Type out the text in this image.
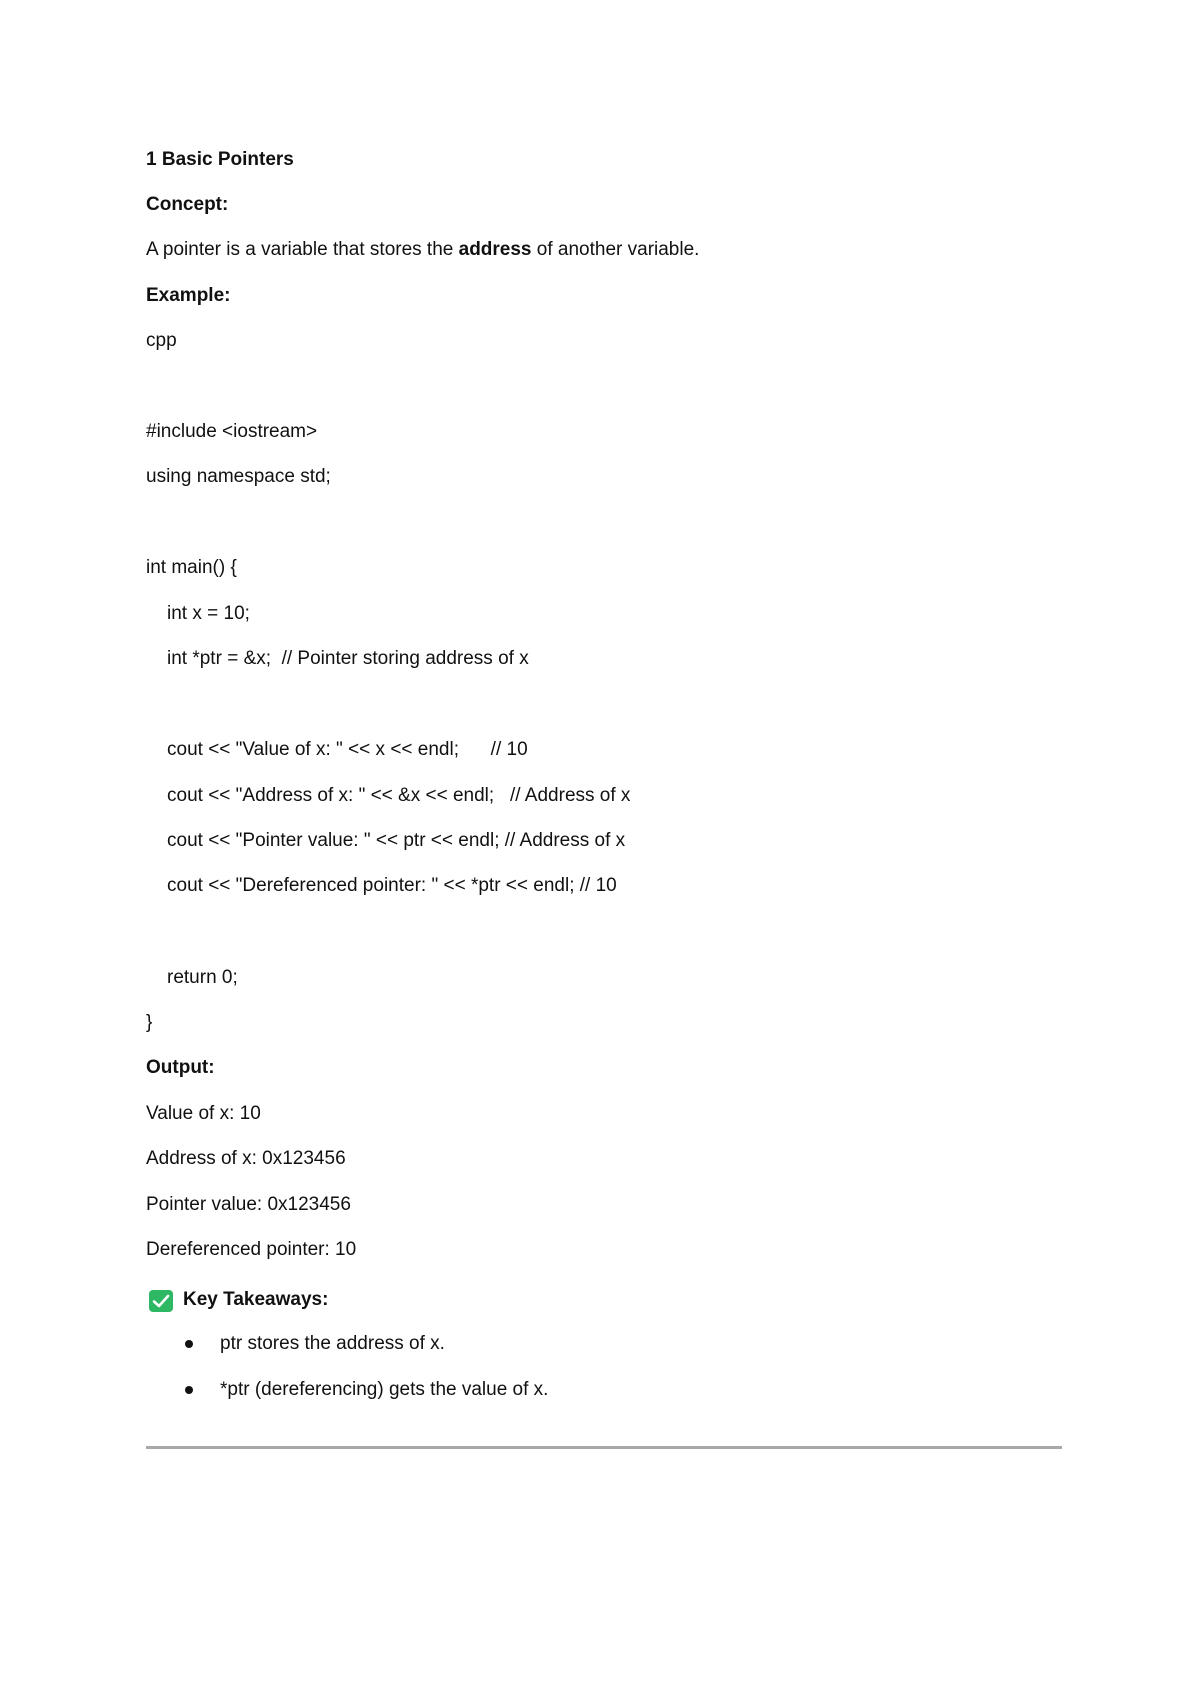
1 Basic Pointers
Concept:
A pointer is a variable that stores the address of another variable.
Example:
cpp
#include <iostream>
using namespace std;
int main() {
int x = 10;
int *ptr = &x;  // Pointer storing address of x
cout << "Value of x: " << x << endl;      // 10
cout << "Address of x: " << &x << endl;   // Address of x
cout << "Pointer value: " << ptr << endl; // Address of x
cout << "Dereferenced pointer: " << *ptr << endl; // 10
return 0;
}
Output:
Value of x: 10
Address of x: 0x123456
Pointer value: 0x123456
Dereferenced pointer: 10
Key Takeaways:
ptr stores the address of x.
*ptr (dereferencing) gets the value of x.
